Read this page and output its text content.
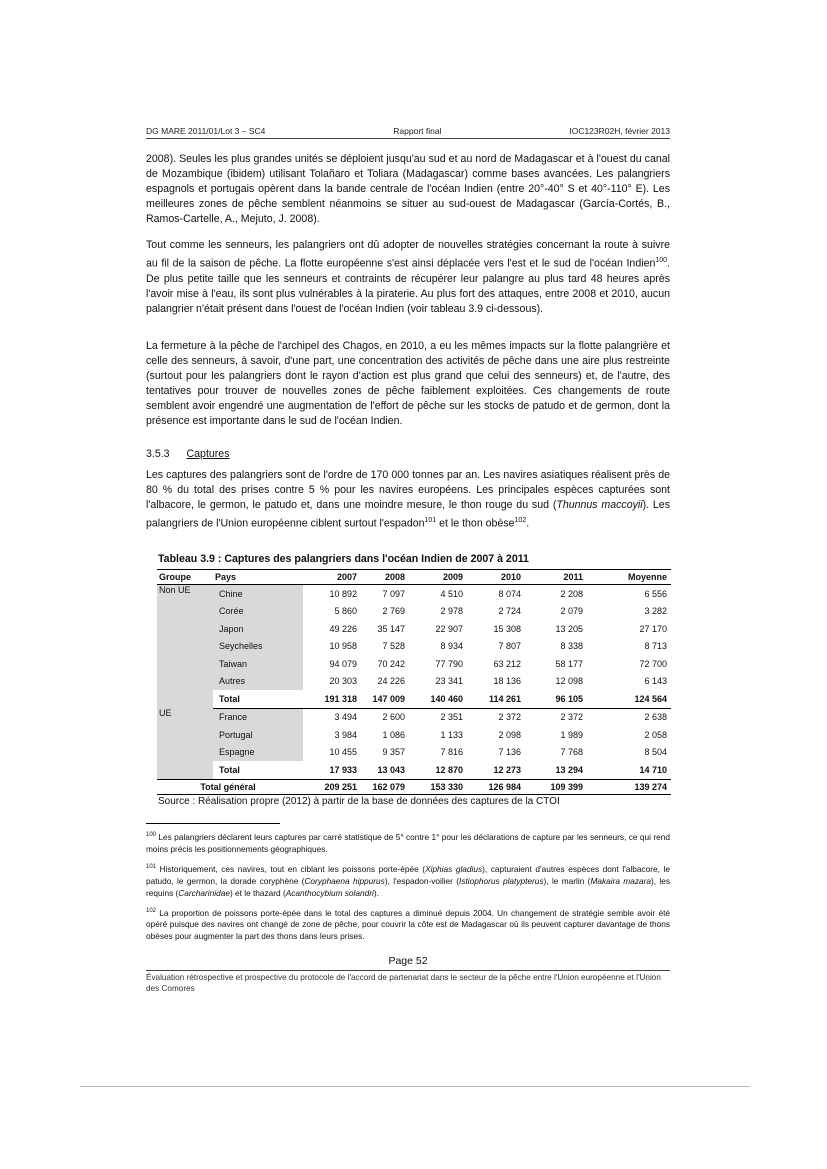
DG MARE 2011/01/Lot 3 – SC4	Rapport final	IOC123R02H, février 2013

2008). Seules les plus grandes unités se déploient jusqu'au sud et au nord de Madagascar et à l'ouest du canal de Mozambique (ibidem) utilisant Tolañaro et Toliara (Madagascar) comme bases avancées. Les palangriers espagnols et portugais opèrent dans la bande centrale de l'océan Indien (entre 20°-40° S et 40°-110° E). Les meilleures zones de pêche semblent néanmoins se situer au sud-ouest de Madagascar (García-Cortés, B., Ramos-Cartelle, A., Mejuto, J. 2008).

Tout comme les senneurs, les palangriers ont dû adopter de nouvelles stratégies concernant la route à suivre au fil de la saison de pêche. La flotte européenne s'est ainsi déplacée vers l'est et le sud de l'océan Indien$^{100}$. De plus petite taille que les senneurs et contraints de récupérer leur palangre au plus tard 48 heures après l'avoir mise à l'eau, ils sont plus vulnérables à la piraterie. Au plus fort des attaques, entre 2008 et 2010, aucun palangrier n'était présent dans l'ouest de l'océan Indien (voir tableau 3.9 ci-dessous).

La fermeture à la pêche de l'archipel des Chagos, en 2010, a eu les mêmes impacts sur la flotte palangrière et celle des senneurs, à savoir, d'une part, une concentration des activités de pêche dans une aire plus restreinte (surtout pour les palangriers dont le rayon d'action est plus grand que celui des senneurs) et, de l'autre, des tentatives pour trouver de nouvelles zones de pêche faiblement exploitées. Ces changements de route semblent avoir engendré une augmentation de l'effort de pêche sur les stocks de patudo et de germon, dont la présence est importante dans le sud de l'océan Indien.

3.5.3 Captures

Les captures des palangriers sont de l'ordre de 170 000 tonnes par an. Les navires asiatiques réalisent près de 80 % du total des prises contre 5 % pour les navires européens. Les principales espèces capturées sont l'albacore, le germon, le patudo et, dans une moindre mesure, le thon rouge du sud (Thunnus maccoyii). Les palangriers de l'Union européenne ciblent surtout l'espadon$^{101}$ et le thon obèse$^{102}$.

Tableau 3.9 : Captures des palangriers dans l'océan Indien de 2007 à 2011
Groupe	Pays	2007	2008	2009	2010	2011	Moyenne
Non UE	Chine	10 892	7 097	4 510	8 074	2 208	6 556
	Corée	5 860	2 769	2 978	2 724	2 079	3 282
	Japon	49 226	35 147	22 907	15 308	13 205	27 170
	Seychelles	10 958	7 528	8 934	7 807	8 338	8 713
	Taiwan	94 079	70 242	77 790	63 212	58 177	72 700
	Autres	20 303	24 226	23 341	18 136	12 098	6 143
	Total	191 318	147 009	140 460	114 261	96 105	124 564
UE	France	3 494	2 600	2 351	2 372	2 372	2 638
	Portugal	3 984	1 086	1 133	2 098	1 989	2 058
	Espagne	10 455	9 357	7 816	7 136	7 768	8 504
	Total	17 933	13 043	12 870	12 273	13 294	14 710
Total général		209 251	162 079	153 330	126 984	109 399	139 274
Source : Réalisation propre (2012) à partir de la base de données des captures de la CTOI

$^{100}$ Les palangriers déclarent leurs captures par carré statistique de 5° contre 1° pour les déclarations de capture par les senneurs, ce qui rend moins précis les positionnements géographiques.

$^{101}$ Historiquement, ces navires, tout en ciblant les poissons porte-épée (Xiphias gladius), capturaient d'autres espèces dont l'albacore, le patudo, le germon, la dorade coryphène (Coryphaena hippurus), l'espadon-voilier (Istiophorus platypterus), le marlin (Makaira mazara), les requins (Carcharinidae) et le thazard (Acanthocybium solandri).

$^{102}$ La proportion de poissons porte-épée dans le total des captures a diminué depuis 2004. Un changement de stratégie semble avoir été opéré puisque des navires ont changé de zone de pêche, pour couvrir la côte est de Madagascar où ils peuvent capturer davantage de thons obèses pour augmenter la part des thons dans leurs prises.

Page 52
Évaluation rétrospective et prospective du protocole de l'accord de partenariat dans le secteur de la pêche entre l'Union européenne et l'Union des Comores
